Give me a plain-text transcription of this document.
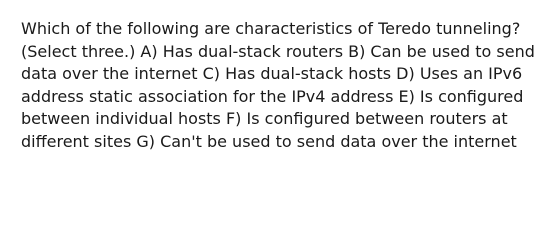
Which of the following are characteristics of Teredo tunneling? (Select three.) A) Has dual-stack routers B) Can be used to send data over the internet C) Has dual-stack hosts D) Uses an IPv6 address static association for the IPv4 address E) Is configured between individual hosts F) Is configured between routers at different sites G) Can't be used to send data over the internet
